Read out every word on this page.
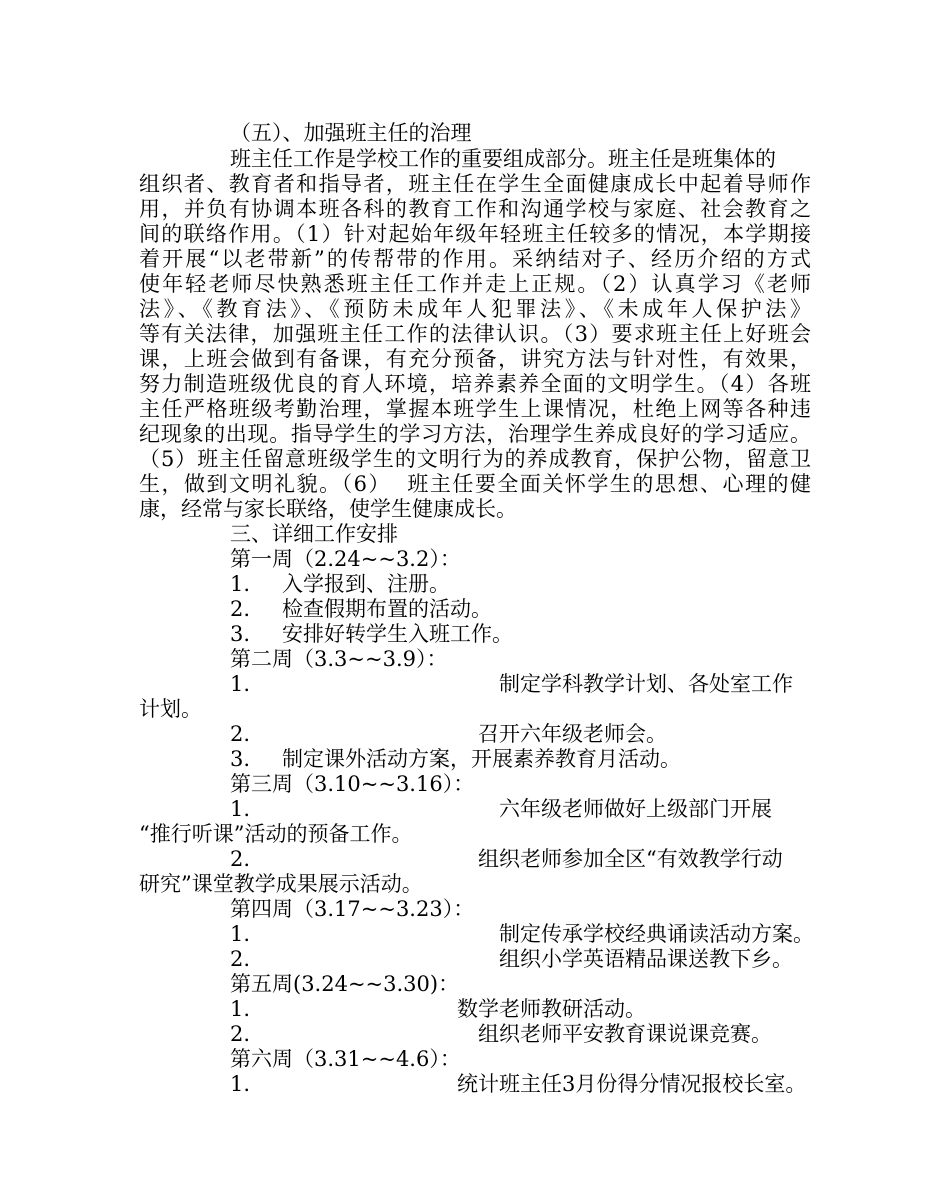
（五）、加强班主任的治理
班主任工作是学校工作的重要组成部分。班主任是班集体的
组织者、教育者和指导者，班主任在学生全面健康成长中起着导师作
用，并负有协调本班各科的教育工作和沟通学校与家庭、社会教育之
间的联络作用。（1）针对起始年级年轻班主任较多的情况，本学期接
着开展“以老带新”的传帮带的作用。采纳结对子、经历介绍的方式
使年轻老师尽快熟悉班主任工作并走上正规。（2）认真学习《老师
法》、《教育法》、《预防未成年人犯罪法》、《未成年人保护法》
等有关法律，加强班主任工作的法律认识。（3）要求班主任上好班会
课，上班会做到有备课，有充分预备，讲究方法与针对性，有效果，
努力制造班级优良的育人环境，培养素养全面的文明学生。（4）各班
主任严格班级考勤治理，掌握本班学生上课情况，杜绝上网等各种违
纪现象的出现。指导学生的学习方法，治理学生养成良好的学习适应。
（5）班主任留意班级学生的文明行为的养成教育，保护公物，留意卫
生，做到文明礼貌。（6）  班主任要全面关怀学生的思想、心理的健
康，经常与家长联络，使学生健康成长。
三、详细工作安排
第一周（2.24~~3.2）：
1. 入学报到、注册。
2. 检查假期布置的活动。
3. 安排好转学生入班工作。
第二周（3.3~~3.9）：
1.	制定学科教学计划、各处室工作
计划。
2.	召开六年级老师会。
3. 制定课外活动方案，开展素养教育月活动。
第三周（3.10~~3.16）：
1.	六年级老师做好上级部门开展
“推行听课”活动的预备工作。
2.	组织老师参加全区“有效教学行动
研究”课堂教学成果展示活动。
第四周（3.17~~3.23）：
1.	制定传承学校经典诵读活动方案。
2.	组织小学英语精品课送教下乡。
第五周(3.24~~3.30)：
1.	数学老师教研活动。
2.	组织老师平安教育课说课竞赛。
第六周（3.31~~4.6）：
1.	统计班主任3月份得分情况报校长室。
